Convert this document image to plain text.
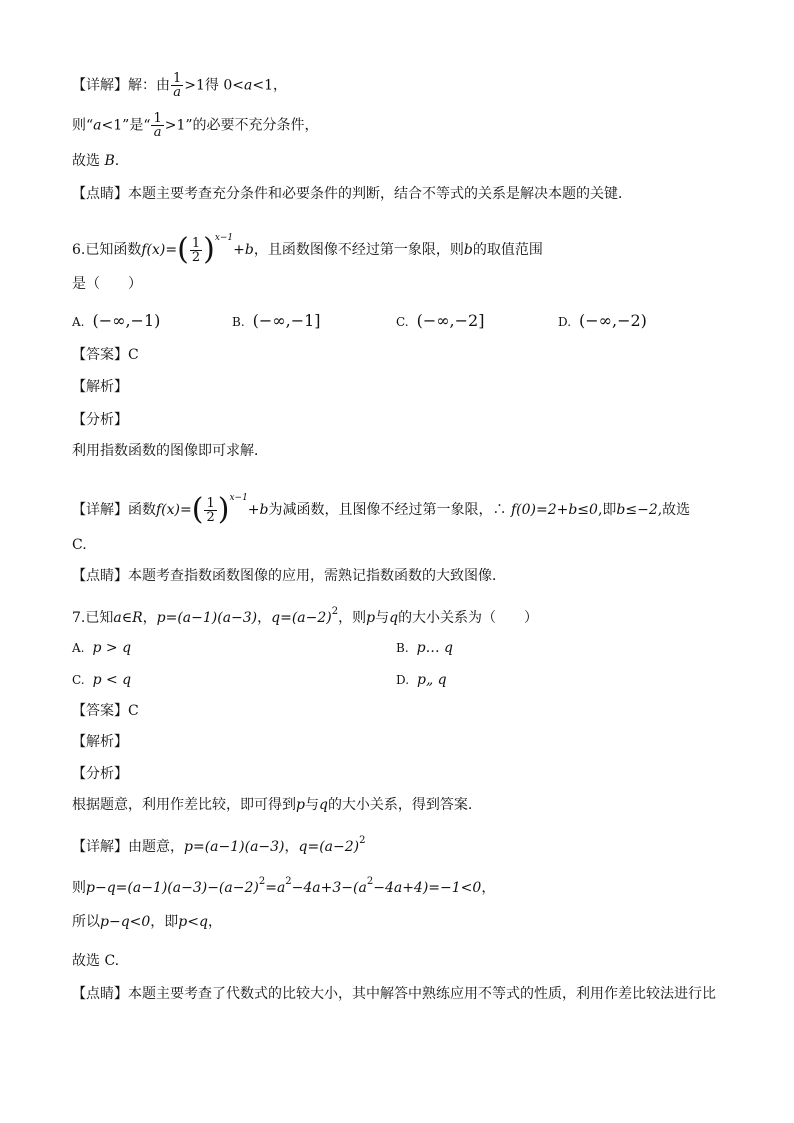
【详解】解：由 $\frac{1}{a} >1$得 0<a<1，
则“a<1”是“ $\frac{1}{a} >1$”的必要不充分条件，
故选 B.
【点睛】本题主要考查充分条件和必要条件的判断，结合不等式的关系是解决本题的关键．
6.已知函数$f(x)=( \frac{1}{2} )^{x-1}+b$，且函数图像不经过第一象限，则b的取值范围
是（　　）
A. (−∞,−1)	B. (−∞,−1]	C. (−∞,−2]	D. (−∞,−2)
【答案】C
【解析】
【分析】
利用指数函数的图像即可求解．
【详解】函数$f(x)=( \frac{1}{2} )^{x-1}+b$为减函数，且图像不经过第一象限，∴ f(0)=2+b≤0,即b≤−2,故选
C.
【点睛】本题考查指数函数图像的应用，需熟记指数函数的大致图像．
7.已知a∈R，p=(a−1)(a−3)，$q=(a-2)^2$，则p与q的大小关系为（　　）
A. p > q	B. p… q
C. p < q	D. p„ q
【答案】C
【解析】
【分析】
根据题意，利用作差比较，即可得到p与q的大小关系，得到答案.
【详解】由题意，p=(a−1)(a−3)，$q=(a-2)^2$
则$p-q=(a-1)(a-3)-(a-2)^2=a^2-4a+3-(a^2-4a+4)=-1<0$，
所以p−q<0，即p<q，
故选 C.
【点睛】本题主要考查了代数式的比较大小，其中解答中熟练应用不等式的性质，利用作差比较法进行比
